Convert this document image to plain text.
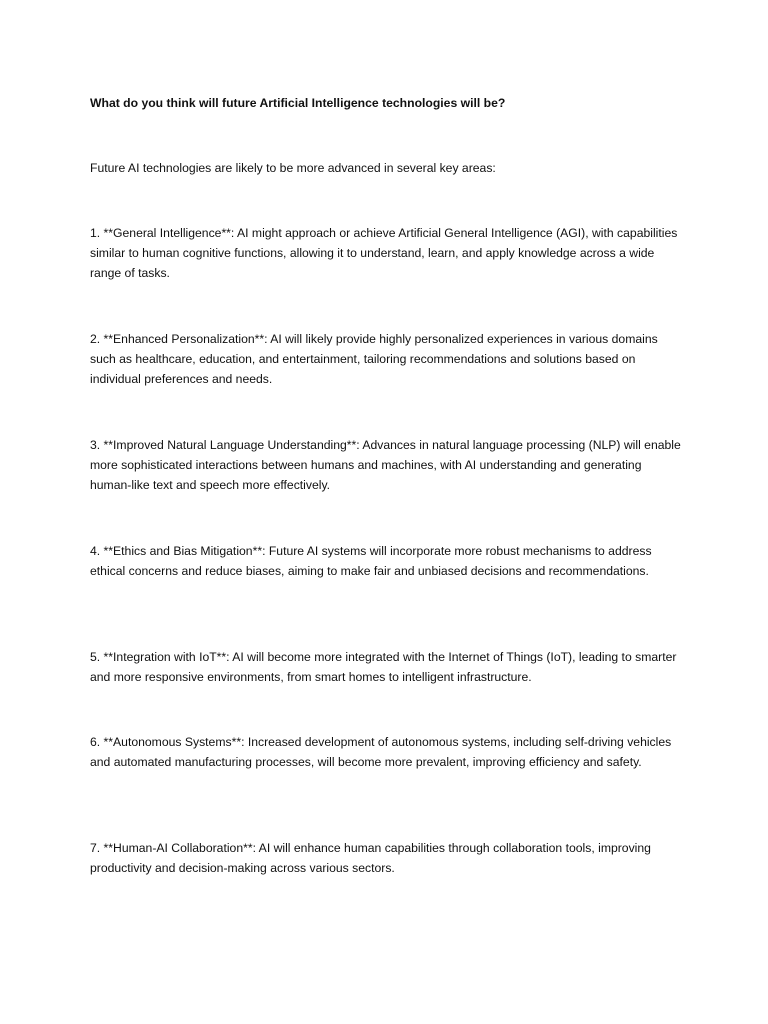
What do you think will future Artificial Intelligence technologies will be?
Future AI technologies are likely to be more advanced in several key areas:
1. **General Intelligence**: AI might approach or achieve Artificial General Intelligence (AGI), with capabilities similar to human cognitive functions, allowing it to understand, learn, and apply knowledge across a wide range of tasks.
2. **Enhanced Personalization**: AI will likely provide highly personalized experiences in various domains such as healthcare, education, and entertainment, tailoring recommendations and solutions based on individual preferences and needs.
3. **Improved Natural Language Understanding**: Advances in natural language processing (NLP) will enable more sophisticated interactions between humans and machines, with AI understanding and generating human-like text and speech more effectively.
4. **Ethics and Bias Mitigation**: Future AI systems will incorporate more robust mechanisms to address ethical concerns and reduce biases, aiming to make fair and unbiased decisions and recommendations.
5. **Integration with IoT**: AI will become more integrated with the Internet of Things (IoT), leading to smarter and more responsive environments, from smart homes to intelligent infrastructure.
6. **Autonomous Systems**: Increased development of autonomous systems, including self-driving vehicles and automated manufacturing processes, will become more prevalent, improving efficiency and safety.
7. **Human-AI Collaboration**: AI will enhance human capabilities through collaboration tools, improving productivity and decision-making across various sectors.
